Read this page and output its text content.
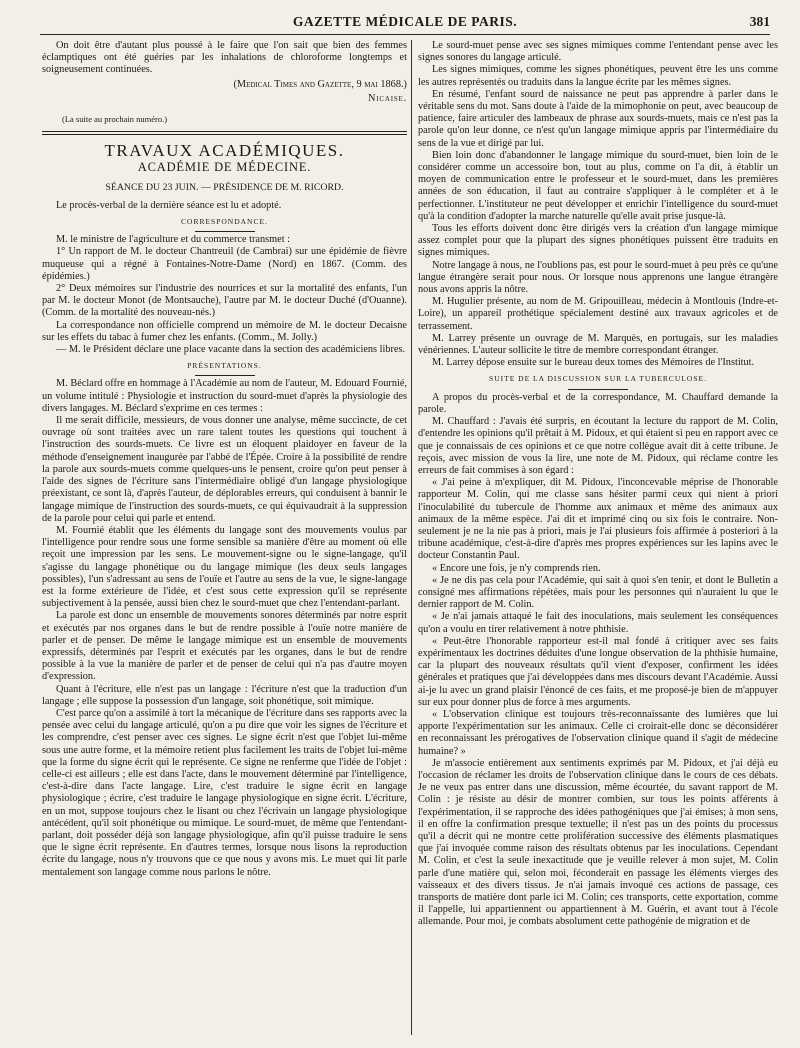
GAZETTE MÉDICALE DE PARIS.	381

On doit être d'autant plus poussé à le faire que l'on sait que bien des femmes éclamptiques ont été guéries par les inhalations de chloroforme longtemps et soigneusement continuées.

(Medical Times and Gazette, 9 mai 1868.)

Nicaise.

(La suite au prochain numéro.)

TRAVAUX ACADÉMIQUES.

ACADÉMIE DE MÉDECINE.

SÉANCE DU 23 JUIN. — PRÉSIDENCE DE M. RICORD.

Le procès-verbal de la dernière séance est lu et adopté.

CORRESPONDANCE.

M. le ministre de l'agriculture et du commerce transmet :

1° Un rapport de M. le docteur Chantreuil (de Cambrai) sur une épidémie de fièvre muqueuse qui a régné à Fontaines-Notre-Dame (Nord) en 1867. (Comm. des épidémies.)

2° Deux mémoires sur l'industrie des nourrices et sur la mortalité des enfants, l'un par M. le docteur Monot (de Montsauche), l'autre par M. le docteur Duché (d'Ouanne). (Comm. de la mortalité des nouveau-nés.)

La correspondance non officielle comprend un mémoire de M. le docteur Decaisne sur les effets du tabac à fumer chez les enfants. (Comm., M. Jolly.)

— M. le Président déclare une place vacante dans la section des académiciens libres.

PRÉSENTATIONS.

M. Béclard offre en hommage à l'Académie au nom de l'auteur, M. Edouard Fournié, un volume intitulé : Physiologie et instruction du sourd-muet d'après la physiologie des divers langages. M. Béclard s'exprime en ces termes :

Il me serait difficile, messieurs, de vous donner une analyse, même succincte, de cet ouvrage où sont traitées avec un rare talent toutes les questions qui touchent à l'instruction des sourds-muets. Ce livre est un éloquent plaidoyer en faveur de la méthode d'enseignement inaugurée par l'abbé de l'Épée. Croire à la possibilité de rendre la parole aux sourds-muets comme quelques-uns le pensent, croire qu'on peut penser à l'aide des signes de l'écriture sans l'intermédiaire obligé d'un langage physiologique préexistant, ce sont là, d'après l'auteur, de déplorables erreurs, qui conduisent à bannir le langage mimique de l'instruction des sourds-muets, ce qui équivaudrait à la suppression de la parole pour celui qui parle et entend.

M. Fournié établit que les éléments du langage sont des mouvements voulus par l'intelligence pour rendre sous une forme sensible sa manière d'être au moment où elle reçoit une impression par les sens. Le mouvement-signe ou le signe-langage, qu'il s'agisse du langage phonétique ou du langage mimique (les deux seuls langages possibles), l'un s'adressant au sens de l'ouïe et l'autre au sens de la vue, le signe-langage est la forme extérieure de l'idée, et c'est sous cette expression qu'il se représente subjectivement à la pensée, aussi bien chez le sourd-muet que chez l'entendant-parlant.

La parole est donc un ensemble de mouvements sonores déterminés par notre esprit et exécutés par nos organes dans le but de rendre possible à l'ouïe notre manière de parler et de penser. De même le langage mimique est un ensemble de mouvements expressifs, déterminés par l'esprit et exécutés par les organes, dans le but de rendre possible à la vue la manière de parler et de penser de celui qui n'a pas d'autre moyen d'expression.

Quant à l'écriture, elle n'est pas un langage : l'écriture n'est que la traduction d'un langage ; elle suppose la possession d'un langage, soit phonétique, soit mimique.

C'est parce qu'on a assimilé à tort la mécanique de l'écriture dans ses rapports avec la pensée avec celui du langage articulé, qu'on a pu dire que voir les signes de l'écriture et les comprendre, c'est penser avec ces signes. Le signe écrit n'est que l'objet lui-même sous une autre forme, et la mémoire retient plus facilement les traits de l'objet lui-même que la forme du signe écrit qui le représente. Ce signe ne renferme que l'idée de l'objet : celle-ci est ailleurs ; elle est dans l'acte, dans le mouvement déterminé par l'intelligence, c'est-à-dire dans l'acte langage. Lire, c'est traduire le signe écrit en langage physiologique ; écrire, c'est traduire le langage physiologique en signe écrit. L'écriture, en un mot, suppose toujours chez le lisant ou chez l'écrivain un langage physiologique antécédent, qu'il soit phonétique ou mimique. Le sourd-muet, de même que l'entendant-parlant, doit posséder déjà son langage physiologique, afin qu'il puisse traduire le sens que le signe écrit représente. En d'autres termes, lorsque nous lisons la reproduction écrite du langage, nous n'y trouvons que ce que nous y avons mis. Le muet qui lit parle mentalement son langage comme nous parlons le nôtre.

Le sourd-muet pense avec ses signes mimiques comme l'entendant pense avec les signes sonores du langage articulé.

Les signes mimiques, comme les signes phonétiques, peuvent être les uns comme les autres représentés ou traduits dans la langue écrite par les mêmes signes.

En résumé, l'enfant sourd de naissance ne peut pas apprendre à parler dans le véritable sens du mot. Sans doute à l'aide de la mimophonie on peut, avec beaucoup de patience, faire articuler des lambeaux de phrase aux sourds-muets, mais ce n'est pas la parole qu'on leur donne, ce n'est qu'un langage mimique appris par l'intermédiaire du sens de la vue et dirigé par lui.

Bien loin donc d'abandonner le langage mimique du sourd-muet, bien loin de le considérer comme un accessoire bon, tout au plus, comme on l'a dit, à établir un moyen de communication entre le professeur et le sourd-muet, dans les premières années de son éducation, il faut au contraire s'appliquer à le compléter et à le perfectionner. L'instituteur ne peut développer et enrichir l'intelligence du sourd-muet qu'à la condition d'adopter la marche naturelle qu'elle avait prise jusque-là.

Tous les efforts doivent donc être dirigés vers la création d'un langage mimique assez complet pour que la plupart des signes phonétiques puissent être traduits en signes mimiques.

Notre langage à nous, ne l'oublions pas, est pour le sourd-muet à peu près ce qu'une langue étrangère serait pour nous. Or lorsque nous apprenons une langue étrangère nous avons appris la nôtre.

M. Hugulier présente, au nom de M. Gripouilleau, médecin à Montlouis (Indre-et-Loire), un appareil prothétique spécialement destiné aux travaux agricoles et de terrassement.

M. Larrey présente un ouvrage de M. Marquès, en portugais, sur les maladies vénériennes. L'auteur sollicite le titre de membre correspondant étranger.

M. Larrey dépose ensuite sur le bureau deux tomes des Mémoires de l'Institut.

SUITE DE LA DISCUSSION SUR LA TUBERCULOSE.

A propos du procès-verbal et de la correspondance, M. Chauffard demande la parole.

M. Chauffard : J'avais été surpris, en écoutant la lecture du rapport de M. Colin, d'entendre les opinions qu'il prêtait à M. Pidoux, et qui étaient si peu en rapport avec ce que je connaissais de ces opinions et ce que notre collègue avait dit à cette tribune. Je reçois, avec mission de vous la lire, une note de M. Pidoux, qui réclame contre les erreurs de fait commises à son égard :

« J'ai peine à m'expliquer, dit M. Pidoux, l'inconcevable méprise de l'honorable rapporteur M. Colin, qui me classe sans hésiter parmi ceux qui nient à priori l'inoculabilité du tubercule de l'homme aux animaux et même des animaux aux animaux de la même espèce. J'ai dit et imprimé cinq ou six fois le contraire. Non-seulement je ne la nie pas à priori, mais je l'ai plusieurs fois affirmée à posteriori à la tribune académique, c'est-à-dire d'après mes propres expériences sur les lapins avec le docteur Constantin Paul.

« Encore une fois, je n'y comprends rien.

« Je ne dis pas cela pour l'Académie, qui sait à quoi s'en tenir, et dont le Bulletin a consigné mes affirmations répétées, mais pour les personnes qui n'auraient lu que le dernier rapport de M. Colin.

« Je n'ai jamais attaqué le fait des inoculations, mais seulement les conséquences qu'on a voulu en tirer relativement à notre phthisie.

« Peut-être l'honorable rapporteur est-il mal fondé à critiquer avec ses faits expérimentaux les doctrines déduites d'une longue observation de la phthisie humaine, car la plupart des nouveaux résultats qu'il vient d'exposer, confirment les idées générales et pratiques que j'ai développées dans mes discours devant l'Académie. Aussi ai-je lu avec un grand plaisir l'énoncé de ces faits, et me proposé-je bien de m'appuyer sur eux pour donner plus de force à mes arguments.

« L'observation clinique est toujours très-reconnaissante des lumières que lui apporte l'expérimentation sur les animaux. Celle ci croirait-elle donc se déconsidérer en reconnaissant les prérogatives de l'observation clinique quand il s'agit de médecine humaine? »

Je m'associe entièrement aux sentiments exprimés par M. Pidoux, et j'ai déjà eu l'occasion de réclamer les droits de l'observation clinique dans le cours de ces débats. Je ne veux pas entrer dans une discussion, même écourtée, du savant rapport de M. Colin : je résiste au désir de montrer combien, sur tous les points afférents à l'expérimentation, il se rapproche des idées pathogéniques que j'ai émises; à mon sens, il en offre la confirmation presque textuelle; il n'est pas un des points du processus qu'il a décrit qui ne montre cette prolifération successive des éléments plasmatiques que j'ai invoquée comme raison des résultats obtenus par les inoculations. Cependant M. Colin, et c'est la seule inexactitude que je veuille relever à mon sujet, M. Colin parle d'une matière qui, selon moi, féconderait en passage les éléments vierges des vaisseaux et des divers tissus. Je n'ai jamais invoqué ces actions de passage, ces transports de matière dont parle ici M. Colin; ces transports, cette exportation, comme il l'appelle, lui appartiennent ou appartiennent à M. Guérin, et avant tout à l'école allemande. Pour moi, je combats absolument cette pathogénie de migration et de
